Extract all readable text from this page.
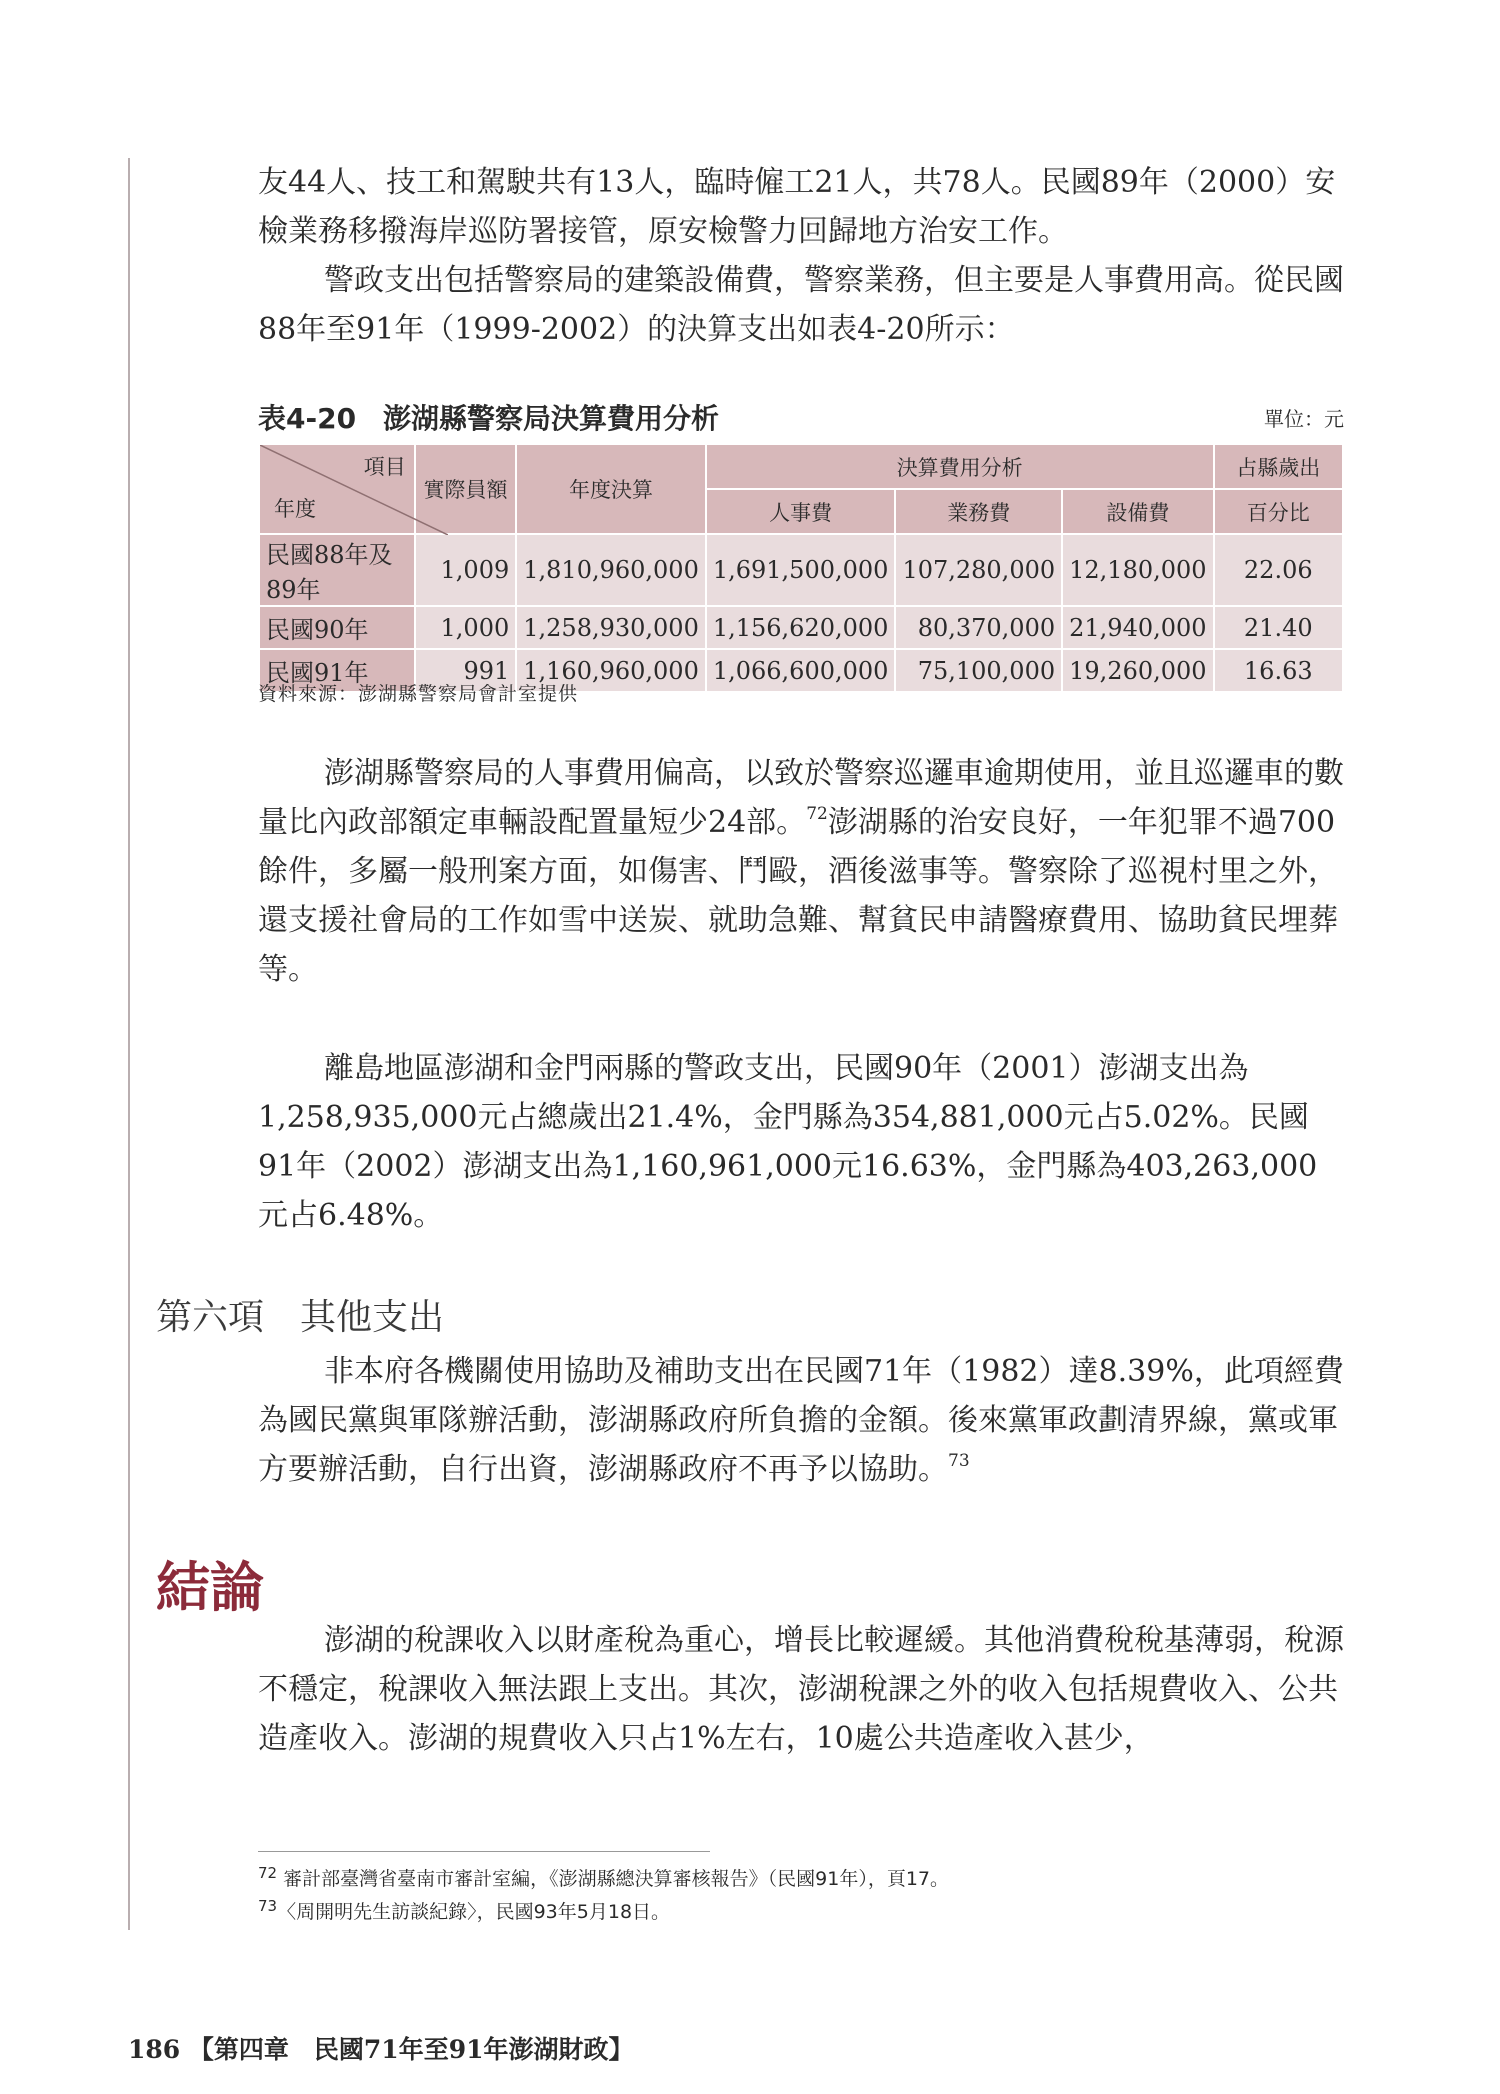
友44人、技工和駕駛共有13人，臨時僱工21人，共78人。民國89年（2000）安檢業務移撥海岸巡防署接管，原安檢警力回歸地方治安工作。

警政支出包括警察局的建築設備費，警察業務，但主要是人事費用高。從民國88年至91年（1999-2002）的決算支出如表4-20所示：

表4-20 澎湖縣警察局決算費用分析	單位：元
項目
年度	實際員額	年度決算	決算費用分析			占縣歲出
			人事費	業務費	設備費	百分比
民國88年及89年	1,009	1,810,960,000	1,691,500,000	107,280,000	12,180,000	22.06
民國90年	1,000	1,258,930,000	1,156,620,000	80,370,000	21,940,000	21.40
民國91年	991	1,160,960,000	1,066,600,000	75,100,000	19,260,000	16.63
資料來源：澎湖縣警察局會計室提供

澎湖縣警察局的人事費用偏高，以致於警察巡邏車逾期使用，並且巡邏車的數量比內政部額定車輛設配置量短少24部。$^{72}$澎湖縣的治安良好，一年犯罪不過700餘件，多屬一般刑案方面，如傷害、鬥毆，酒後滋事等。警察除了巡視村里之外，還支援社會局的工作如雪中送炭、就助急難、幫貧民申請醫療費用、協助貧民埋葬等。

離島地區澎湖和金門兩縣的警政支出，民國90年（2001）澎湖支出為1,258,935,000元占總歲出21.4%，金門縣為354,881,000元占5.02%。民國91年（2002）澎湖支出為1,160,961,000元16.63%，金門縣為403,263,000元占6.48%。

第六項　其他支出

非本府各機關使用協助及補助支出在民國71年（1982）達8.39%，此項經費為國民黨與軍隊辦活動，澎湖縣政府所負擔的金額。後來黨軍政劃清界線，黨或軍方要辦活動，自行出資，澎湖縣政府不再予以協助。$^{73}$

結論

澎湖的稅課收入以財產稅為重心，增長比較遲緩。其他消費稅稅基薄弱，稅源不穩定，稅課收入無法跟上支出。其次，澎湖稅課之外的收入包括規費收入、公共造產收入。澎湖的規費收入只占1%左右，10處公共造產收入甚少，

$^{72}$ 審計部臺灣省臺南市審計室編，《澎湖縣總決算審核報告》（民國91年），頁17。
$^{73}$〈周開明先生訪談紀錄〉，民國93年5月18日。
186 【第四章　民國71年至91年澎湖財政】
